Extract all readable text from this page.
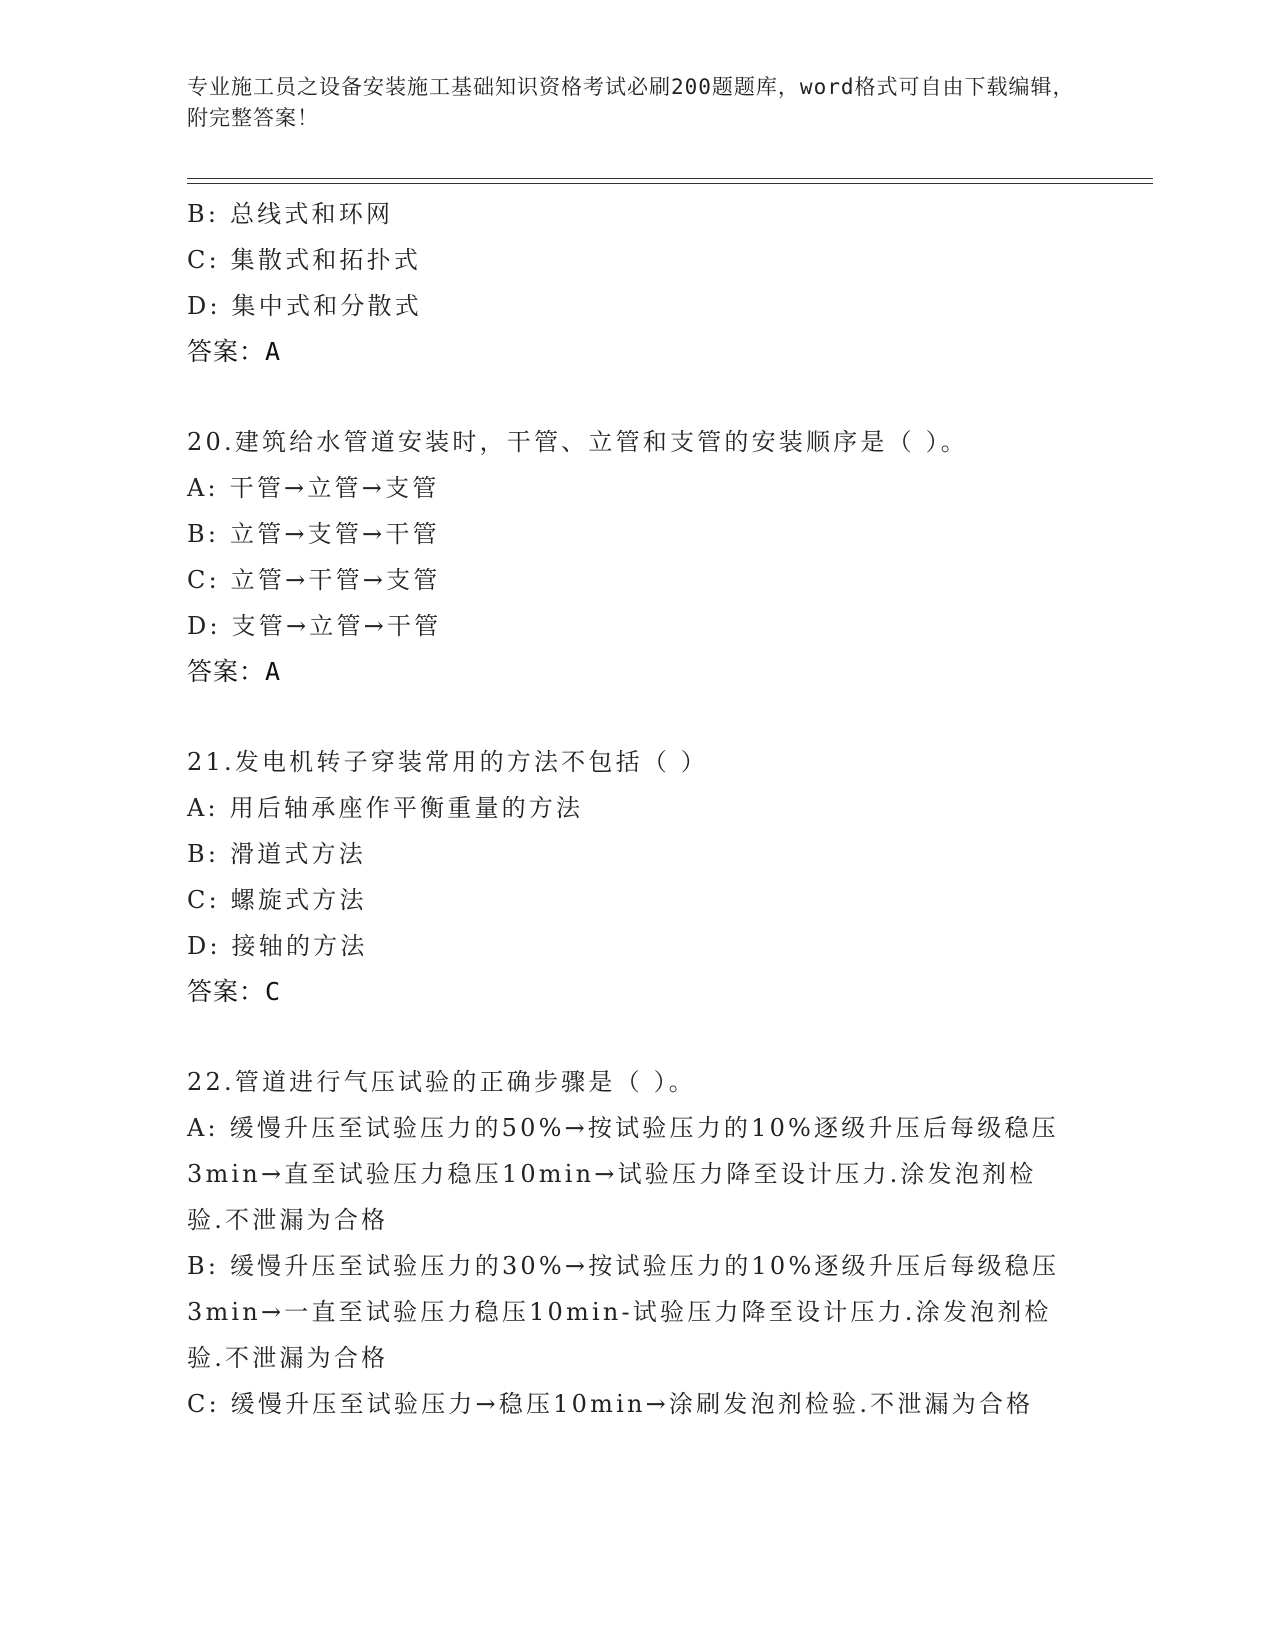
专业施工员之设备安装施工基础知识资格考试必刷200题题库，word格式可自由下载编辑，附完整答案！
B: 总线式和环网
C: 集散式和拓扑式
D: 集中式和分散式
答案：A
20.建筑给水管道安装时，干管、立管和支管的安装顺序是（ ）。
A: 干管→立管→支管
B: 立管→支管→干管
C: 立管→干管→支管
D: 支管→立管→干管
答案：A
21.发电机转子穿装常用的方法不包括（ ）
A: 用后轴承座作平衡重量的方法
B: 滑道式方法
C: 螺旋式方法
D: 接轴的方法
答案：C
22.管道进行气压试验的正确步骤是（ ）。
A: 缓慢升压至试验压力的50%→按试验压力的10%逐级升压后每级稳压3min→直至试验压力稳压10min→试验压力降至设计压力.涂发泡剂检验.不泄漏为合格
B: 缓慢升压至试验压力的30%→按试验压力的10%逐级升压后每级稳压3min→一直至试验压力稳压10min-试验压力降至设计压力.涂发泡剂检验.不泄漏为合格
C: 缓慢升压至试验压力→稳压10min→涂刷发泡剂检验.不泄漏为合格
